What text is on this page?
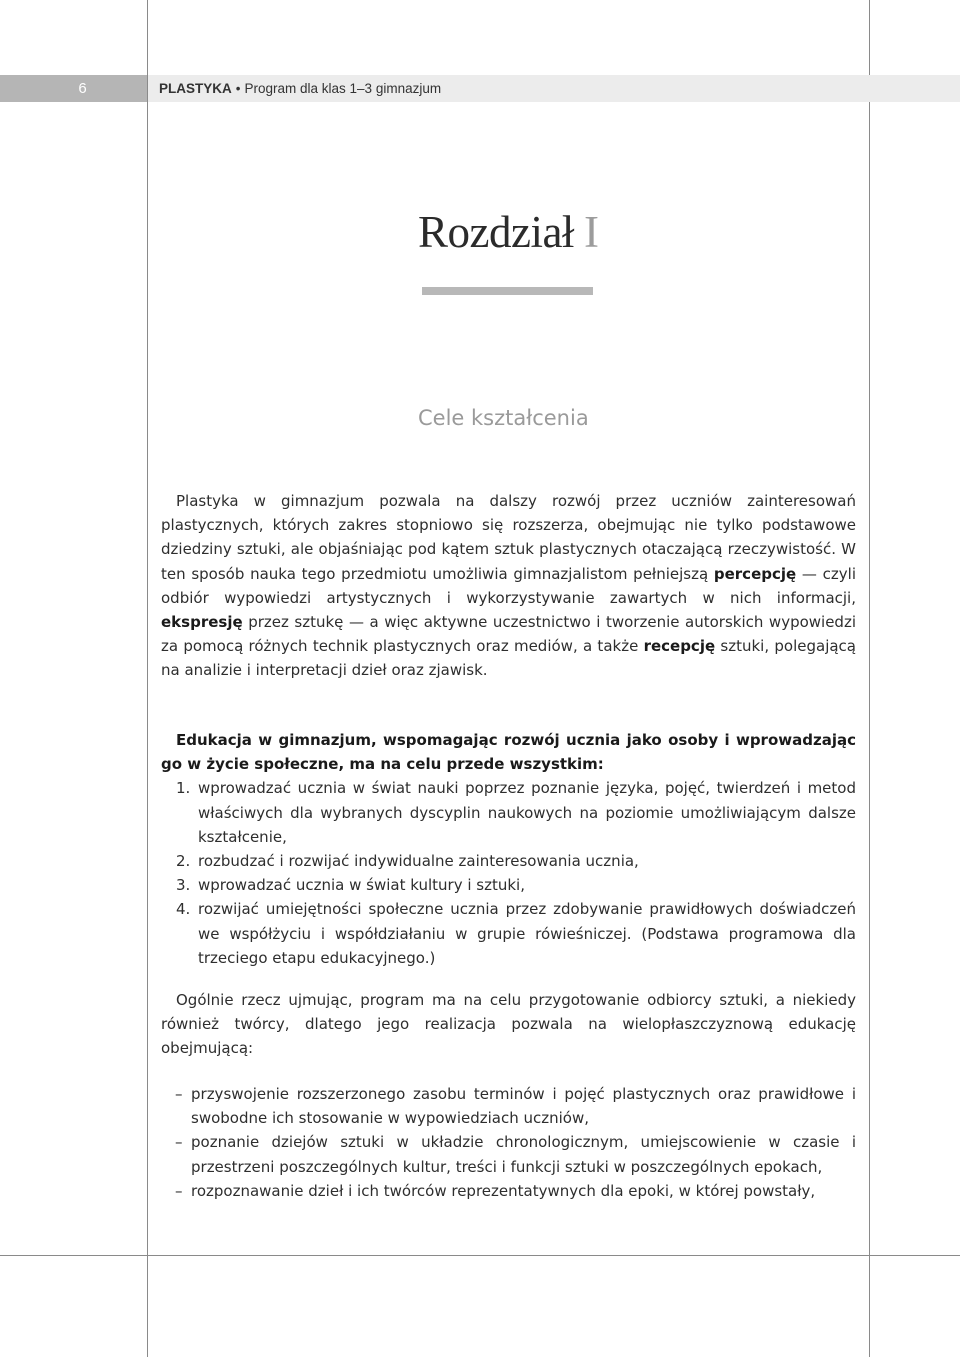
6	PLASTYKA • Program dla klas 1–3 gimnazjum
Rozdział I
Cele kształcenia

Plastyka w gimnazjum pozwala na dalszy rozwój przez uczniów zainteresowań plastycznych, których zakres stopniowo się rozszerza, obejmując nie tylko podstawowe dziedziny sztuki, ale objaśniając pod kątem sztuk plastycznych otaczającą rzeczywistość. W ten sposób nauka tego przedmiotu umożliwia gimnazjalistom pełniejszą percepcję — czyli odbiór wypowiedzi artystycznych i wykorzystywanie zawartych w nich informacji, ekspresję przez sztukę — a więc aktywne uczestnictwo i tworzenie autorskich wypowiedzi za pomocą różnych technik plastycznych oraz mediów, a także recepcję sztuki, polegającą na analizie i interpretacji dzieł oraz zjawisk.

Edukacja w gimnazjum, wspomagając rozwój ucznia jako osoby i wprowadzając go w życie społeczne, ma na celu przede wszystkim:

1. wprowadzać ucznia w świat nauki poprzez poznanie języka, pojęć, twierdzeń i metod właściwych dla wybranych dyscyplin naukowych na poziomie umożliwiającym dalsze kształcenie,
2. rozbudzać i rozwijać indywidualne zainteresowania ucznia,
3. wprowadzać ucznia w świat kultury i sztuki,
4. rozwijać umiejętności społeczne ucznia przez zdobywanie prawidłowych doświadczeń we współżyciu i współdziałaniu w grupie rówieśniczej. (Podstawa programowa dla trzeciego etapu edukacyjnego.)

Ogólnie rzecz ujmując, program ma na celu przygotowanie odbiorcy sztuki, a niekiedy również twórcy, dlatego jego realizacja pozwala na wielopłaszczyznową edukację obejmującą:

– przyswojenie rozszerzonego zasobu terminów i pojęć plastycznych oraz prawidłowe i swobodne ich stosowanie w wypowiedziach uczniów,
– poznanie dziejów sztuki w układzie chronologicznym, umiejscowienie w czasie i przestrzeni poszczególnych kultur, treści i funkcji sztuki w poszczególnych epokach,
– rozpoznawanie dzieł i ich twórców reprezentatywnych dla epoki, w której powstały,
